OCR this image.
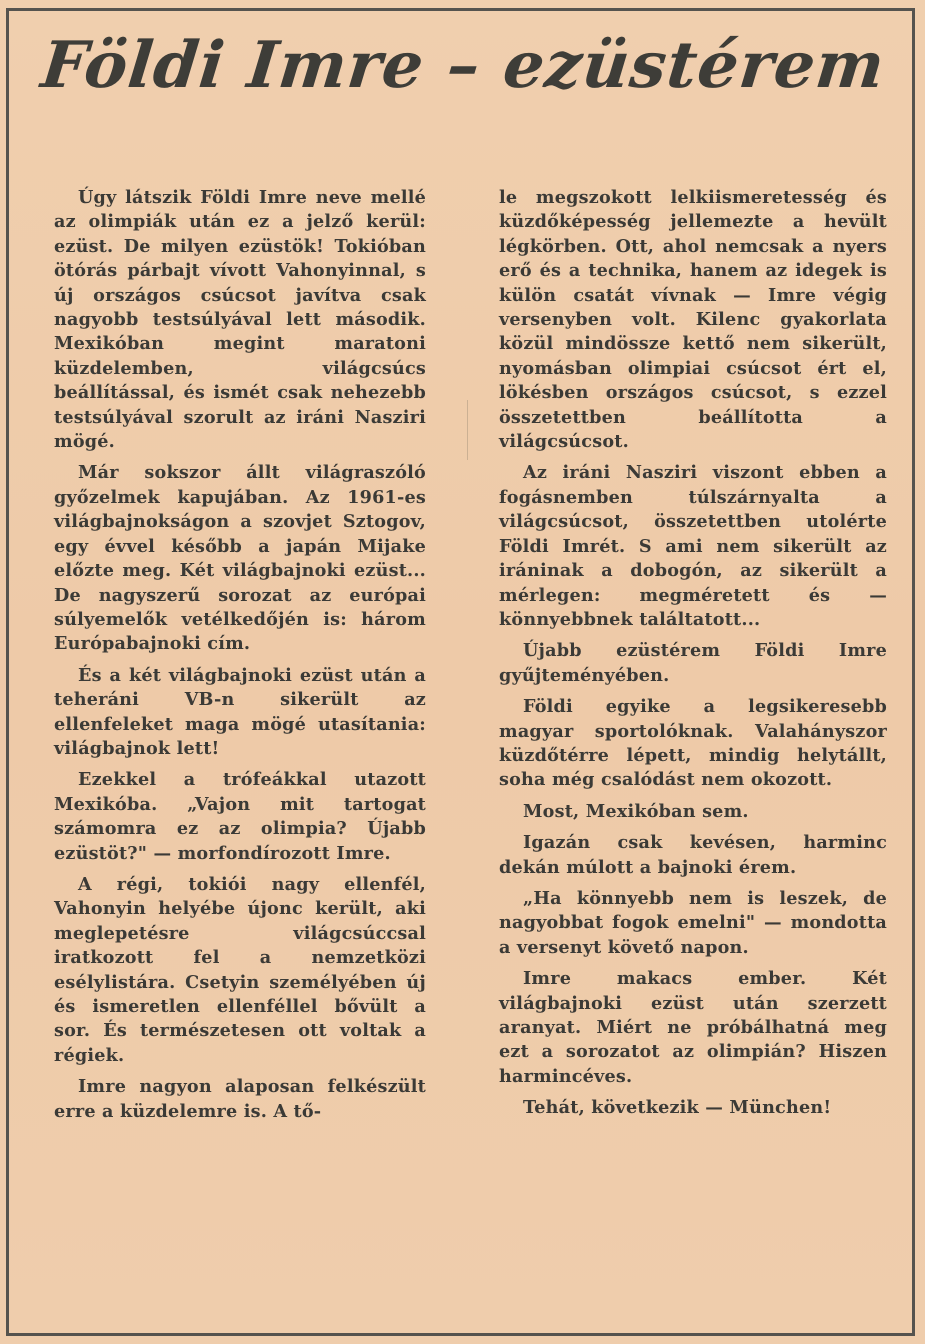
Földi Imre – ezüstérem

Úgy látszik Földi Imre neve mellé az olimpiák után ez a jelző kerül: ezüst. De milyen ezüstök! Tokióban ötórás párbajt vívott Vahonyinnal, s új országos csúcsot javítva csak nagyobb testsúlyával lett második. Mexikóban megint maratoni küzdelemben, világcsúcs beállítással, és ismét csak nehezebb testsúlyával szorult az iráni Nasziri mögé.

Már sokszor állt világraszóló győzelmek kapujában. Az 1961-es világbajnokságon a szovjet Sztogov, egy évvel később a japán Mijake előzte meg. Két világbajnoki ezüst... De nagyszerű sorozat az európai súlyemelők vetélkedőjén is: három Európabajnoki cím.

És a két világbajnoki ezüst után a teheráni VB-n sikerült az ellenfeleket maga mögé utasítania: világbajnok lett!

Ezekkel a trófeákkal utazott Mexikóba. „Vajon mit tartogat számomra ez az olimpia? Újabb ezüstöt?" — morfondírozott Imre.

A régi, tokiói nagy ellenfél, Vahonyin helyébe újonc került, aki meglepetésre világcsúccsal iratkozott fel a nemzetközi esélylistára. Csetyin személyében új és ismeretlen ellenféllel bővült a sor. És természetesen ott voltak a régiek.

Imre nagyon alaposan felkészült erre a küzdelemre is. A tő-

le megszokott lelkiismeretesség és küzdőképesség jellemezte a hevült légkörben. Ott, ahol nemcsak a nyers erő és a technika, hanem az idegek is külön csatát vívnak — Imre végig versenyben volt. Kilenc gyakorlata közül mindössze kettő nem sikerült, nyomásban olimpiai csúcsot ért el, lökésben országos csúcsot, s ezzel összetettben beállította a világcsúcsot.

Az iráni Nasziri viszont ebben a fogásnemben túlszárnyalta a világcsúcsot, összetettben utolérte Földi Imrét. S ami nem sikerült az iráninak a dobogón, az sikerült a mérlegen: megméretett és — könnyebbnek találtatott...

Újabb ezüstérem Földi Imre gyűjteményében.

Földi egyike a legsikeresebb magyar sportolóknak. Valahányszor küzdőtérre lépett, mindig helytállt, soha még csalódást nem okozott.

Most, Mexikóban sem.

Igazán csak kevésen, harminc dekán múlott a bajnoki érem.

„Ha könnyebb nem is leszek, de nagyobbat fogok emelni" — mondotta a versenyt követő napon.

Imre makacs ember. Két világbajnoki ezüst után szerzett aranyat. Miért ne próbálhatná meg ezt a sorozatot az olimpián? Hiszen harmincéves.

Tehát, következik — München!
